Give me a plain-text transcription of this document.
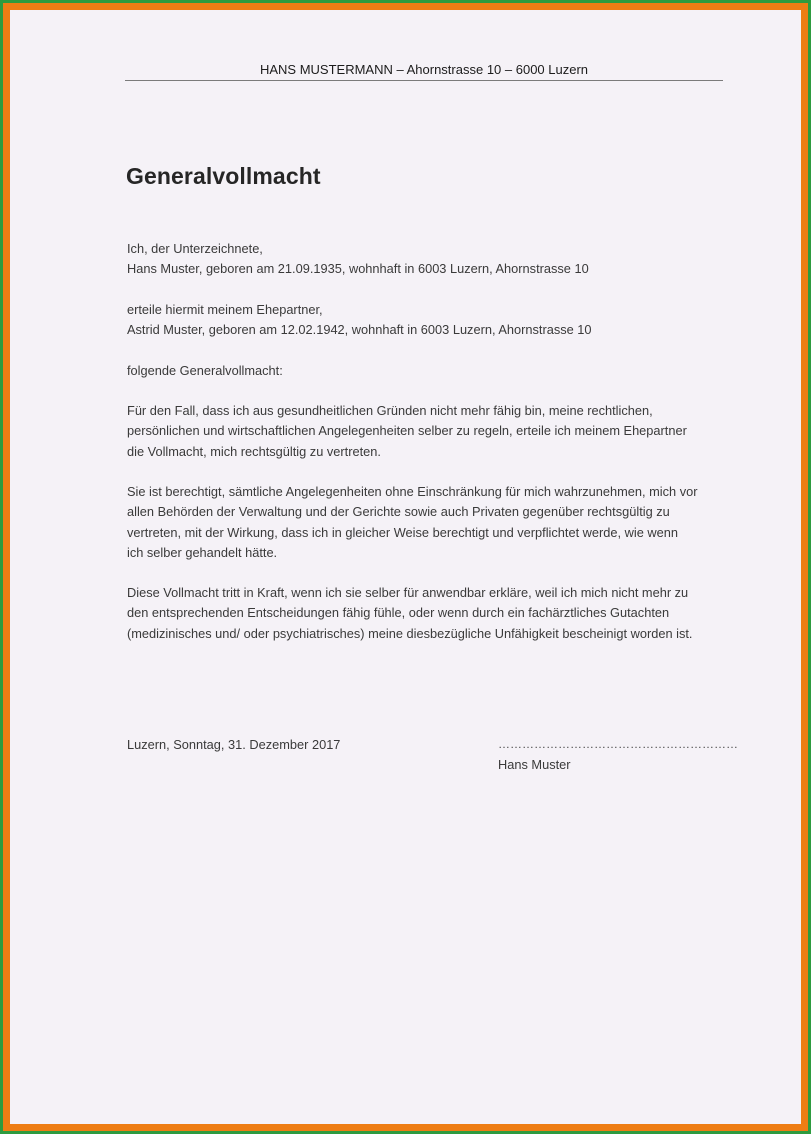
HANS MUSTERMANN – Ahornstrasse 10 – 6000 Luzern
Generalvollmacht
Ich, der Unterzeichnete,
Hans Muster, geboren am 21.09.1935, wohnhaft in 6003 Luzern, Ahornstrasse 10
erteile hiermit meinem Ehepartner,
Astrid Muster, geboren am 12.02.1942, wohnhaft in 6003 Luzern, Ahornstrasse 10
folgende Generalvollmacht:
Für den Fall, dass ich aus gesundheitlichen Gründen nicht mehr fähig bin, meine rechtlichen,
persönlichen und wirtschaftlichen Angelegenheiten selber zu regeln, erteile ich meinem Ehepartner
die Vollmacht, mich rechtsgültig zu vertreten.
Sie ist berechtigt, sämtliche Angelegenheiten ohne Einschränkung für mich wahrzunehmen, mich vor
allen Behörden der Verwaltung und der Gerichte sowie auch Privaten gegenüber rechtsgültig zu
vertreten, mit der Wirkung, dass ich in gleicher Weise berechtigt und verpflichtet werde, wie wenn
ich selber gehandelt hätte.
Diese Vollmacht tritt in Kraft, wenn ich sie selber für anwendbar erkläre, weil ich mich nicht mehr zu
den entsprechenden Entscheidungen fähig fühle, oder wenn durch ein fachärztliches Gutachten
(medizinisches und/ oder psychiatrisches) meine diesbezügliche Unfähigkeit bescheinigt worden ist.
Luzern, Sonntag, 31. Dezember 2017	……………………………………………………
Hans Muster
